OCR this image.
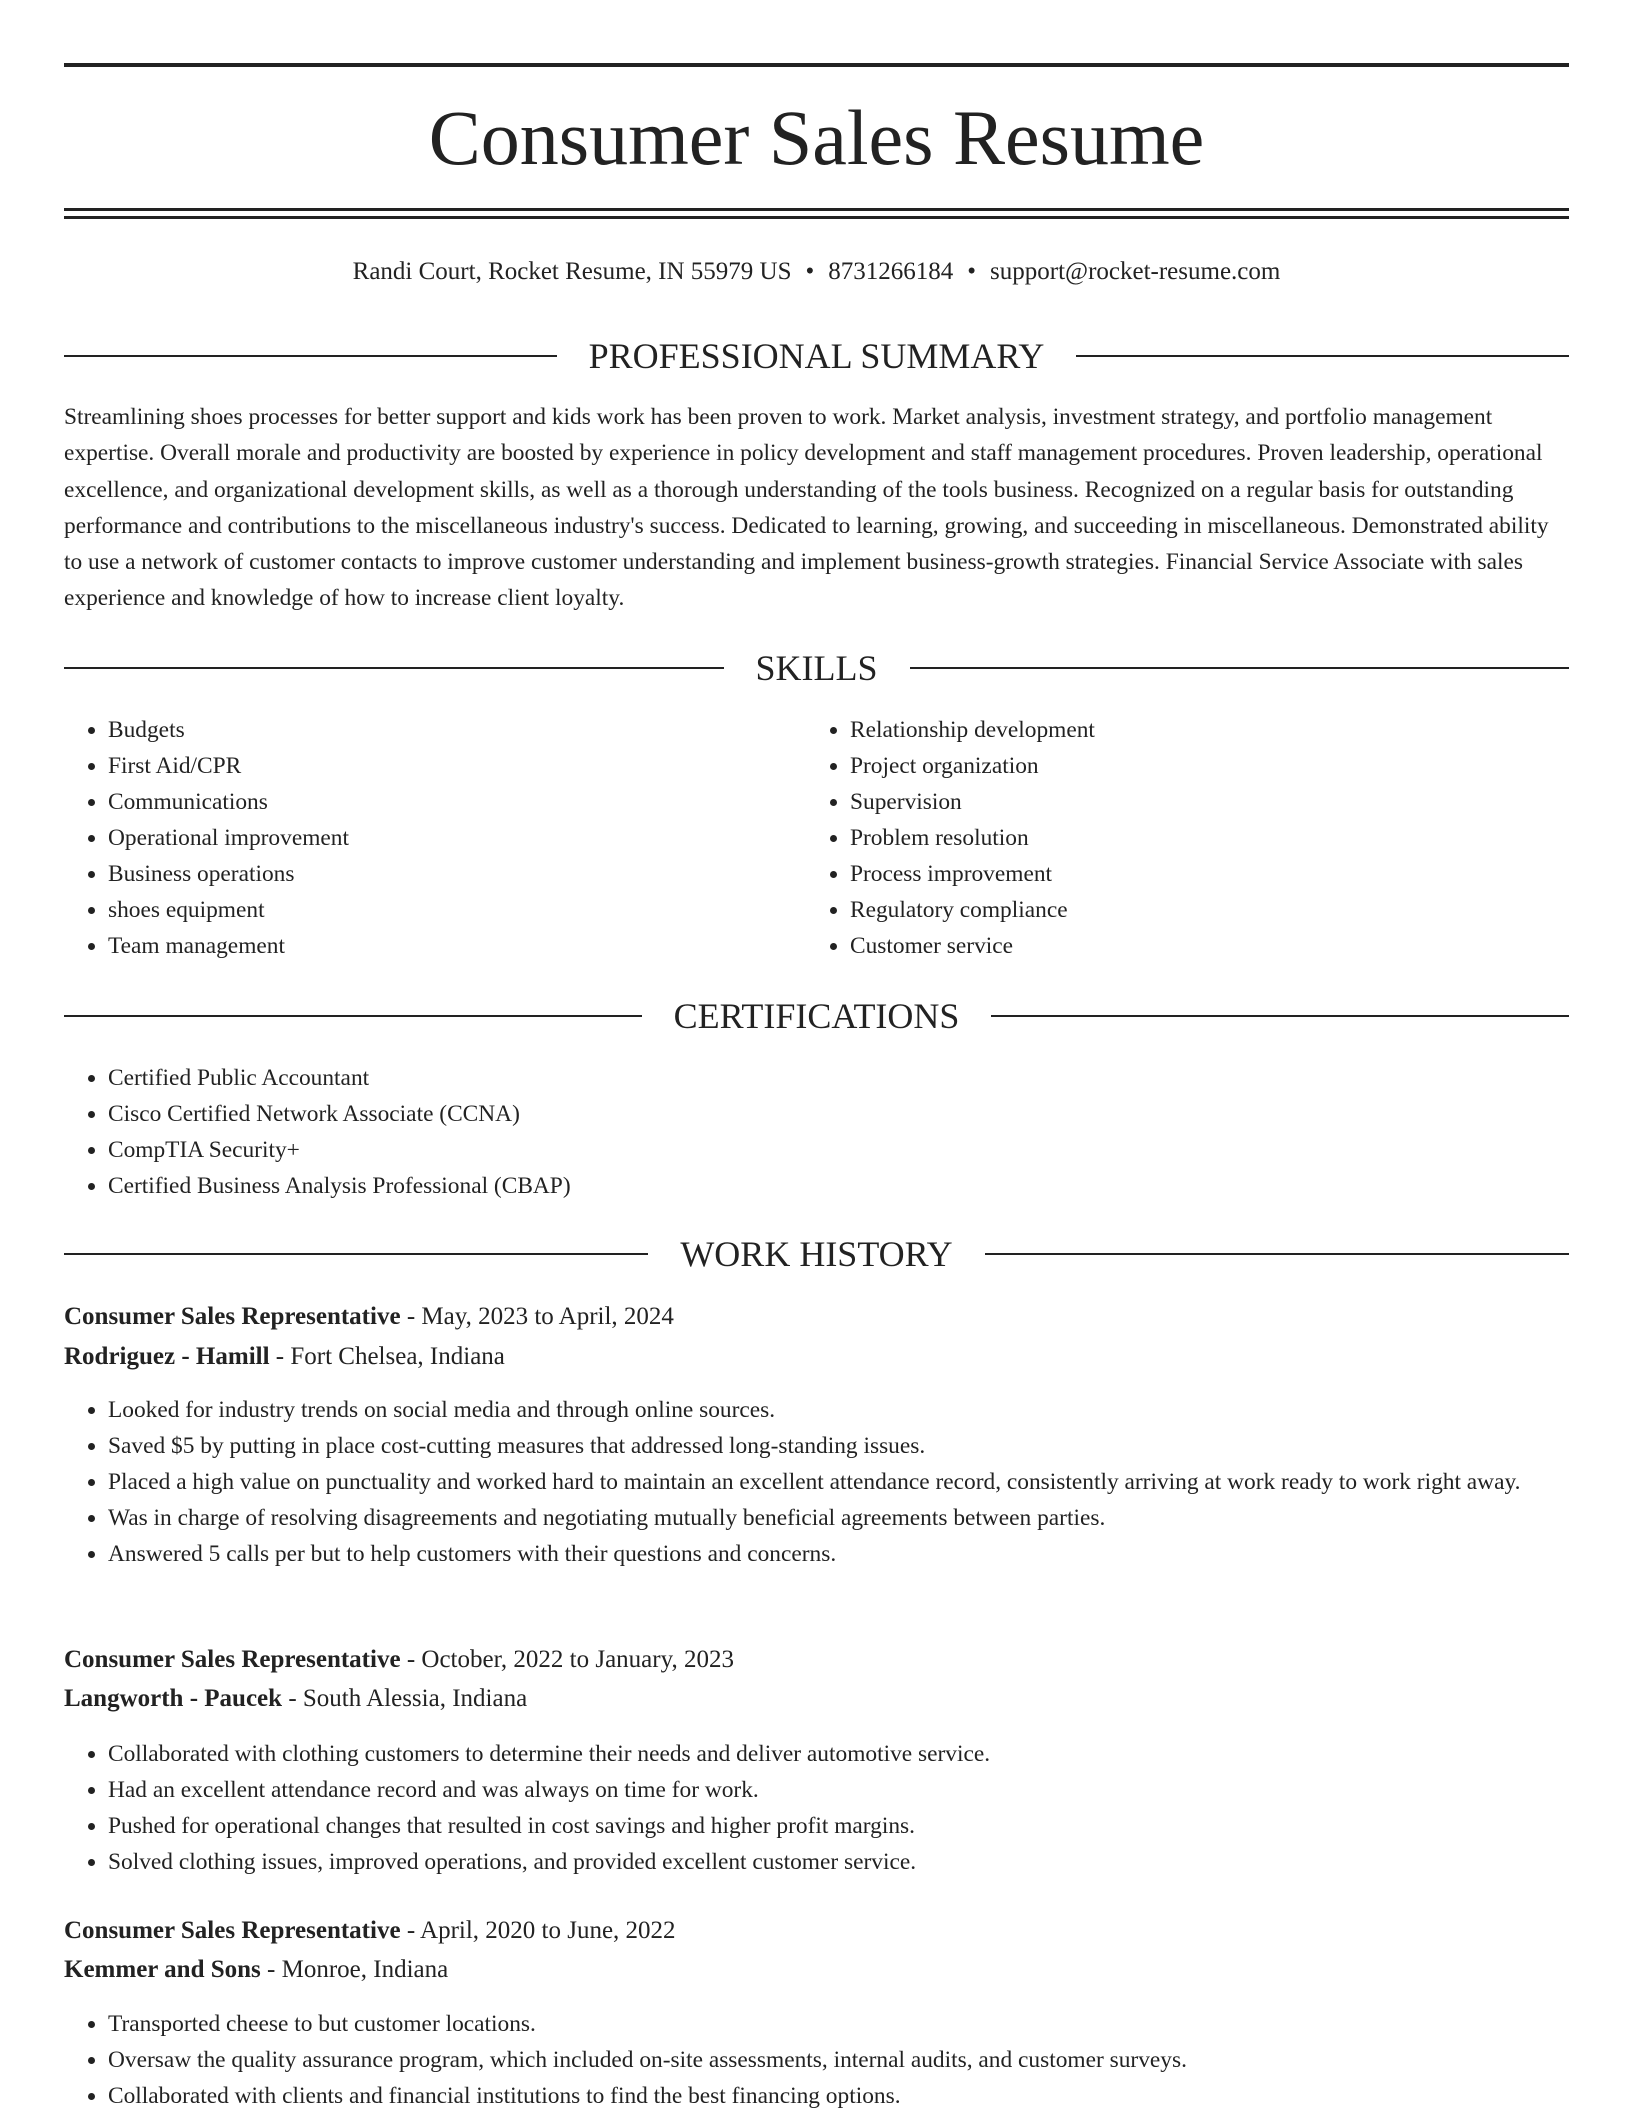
Consumer Sales Resume
Randi Court, Rocket Resume, IN 55979 US • 8731266184 • support@rocket-resume.com
PROFESSIONAL SUMMARY

Streamlining shoes processes for better support and kids work has been proven to work. Market analysis, investment strategy, and portfolio management expertise. Overall morale and productivity are boosted by experience in policy development and staff management procedures. Proven leadership, operational excellence, and organizational development skills, as well as a thorough understanding of the tools business. Recognized on a regular basis for outstanding performance and contributions to the miscellaneous industry's success. Dedicated to learning, growing, and succeeding in miscellaneous. Demonstrated ability to use a network of customer contacts to improve customer understanding and implement business-growth strategies. Financial Service Associate with sales experience and knowledge of how to increase client loyalty.

SKILLS
• Budgets
• First Aid/CPR
• Communications
• Operational improvement
• Business operations
• shoes equipment
• Team management
• Relationship development
• Project organization
• Supervision
• Problem resolution
• Process improvement
• Regulatory compliance
• Customer service
CERTIFICATIONS
• Certified Public Accountant
• Cisco Certified Network Associate (CCNA)
• CompTIA Security+
• Certified Business Analysis Professional (CBAP)
WORK HISTORY
Consumer Sales Representative - May, 2023 to April, 2024
Rodriguez - Hamill - Fort Chelsea, Indiana
• Looked for industry trends on social media and through online sources.
• Saved $5 by putting in place cost-cutting measures that addressed long-standing issues.
• Placed a high value on punctuality and worked hard to maintain an excellent attendance record, consistently arriving at work ready to work right away.
• Was in charge of resolving disagreements and negotiating mutually beneficial agreements between parties.
• Answered 5 calls per but to help customers with their questions and concerns.
Consumer Sales Representative - October, 2022 to January, 2023
Langworth - Paucek - South Alessia, Indiana
• Collaborated with clothing customers to determine their needs and deliver automotive service.
• Had an excellent attendance record and was always on time for work.
• Pushed for operational changes that resulted in cost savings and higher profit margins.
• Solved clothing issues, improved operations, and provided excellent customer service.
Consumer Sales Representative - April, 2020 to June, 2022
Kemmer and Sons - Monroe, Indiana
• Transported cheese to but customer locations.
• Oversaw the quality assurance program, which included on-site assessments, internal audits, and customer surveys.
• Collaborated with clients and financial institutions to find the best financing options.
